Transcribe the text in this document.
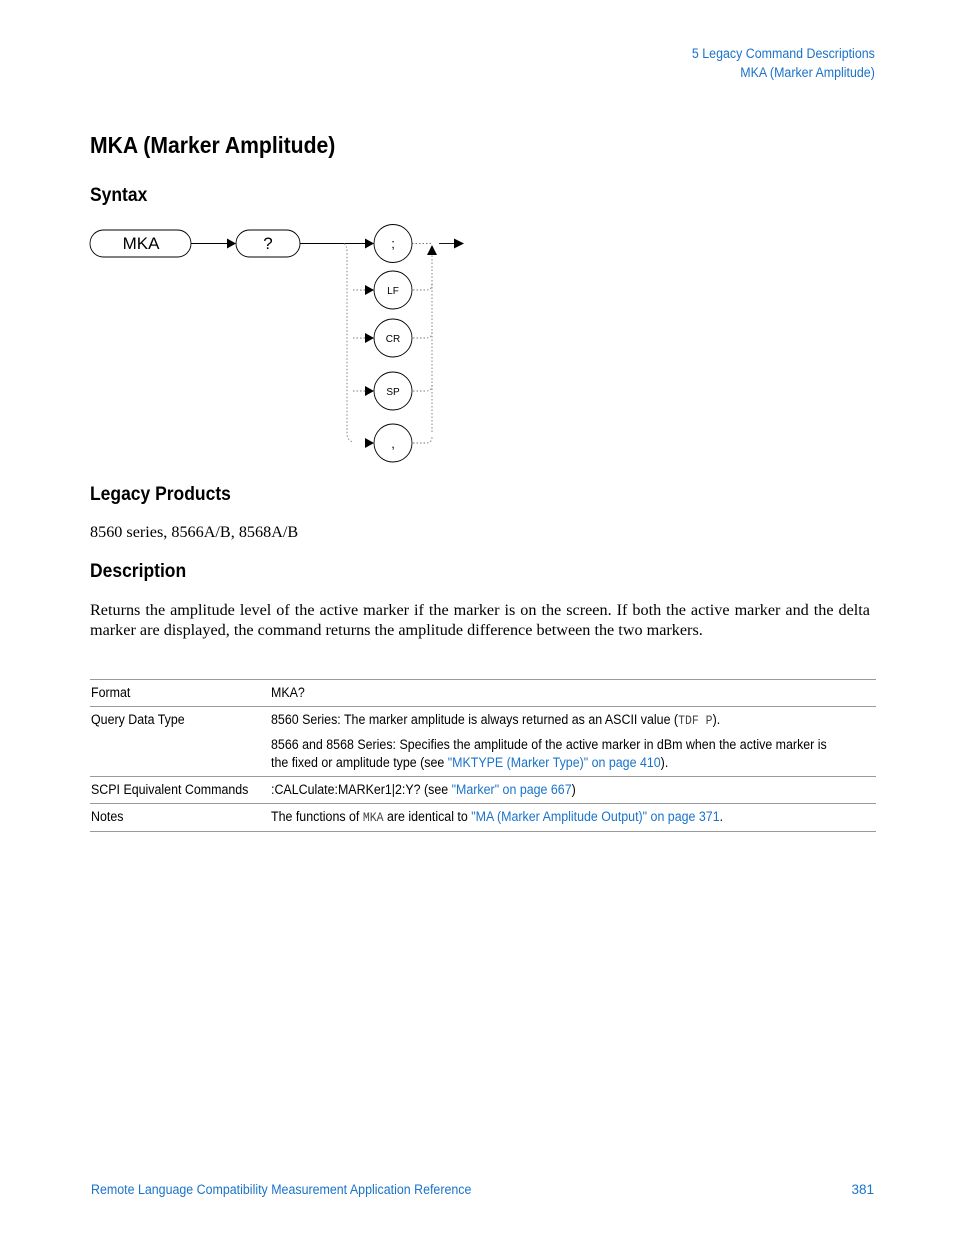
5 Legacy Command Descriptions
MKA (Marker Amplitude)
MKA (Marker Amplitude)
Syntax
MKA	?	;
LF
CR
SP
,
Legacy Products

8560 series, 8566A/B, 8568A/B

Description

Returns the amplitude level of the active marker if the marker is on the screen. If both the active marker and the delta marker are displayed, the command returns the amplitude difference between the two markers.

Format	MKA?
Query Data Type	8560 Series: The marker amplitude is always returned as an ASCII value (TDF P). 8566 and 8568 Series: Specifies the amplitude of the active marker in dBm when the active marker is the fixed or amplitude type (see "MKTYPE (Marker Type)" on page 410).
SCPI Equivalent Commands	:CALCulate:MARKer1|2:Y? (see "Marker" on page 667)
Notes	The functions of MKA are identical to "MA (Marker Amplitude Output)" on page 371.
Remote Language Compatibility Measurement Application Reference	381
